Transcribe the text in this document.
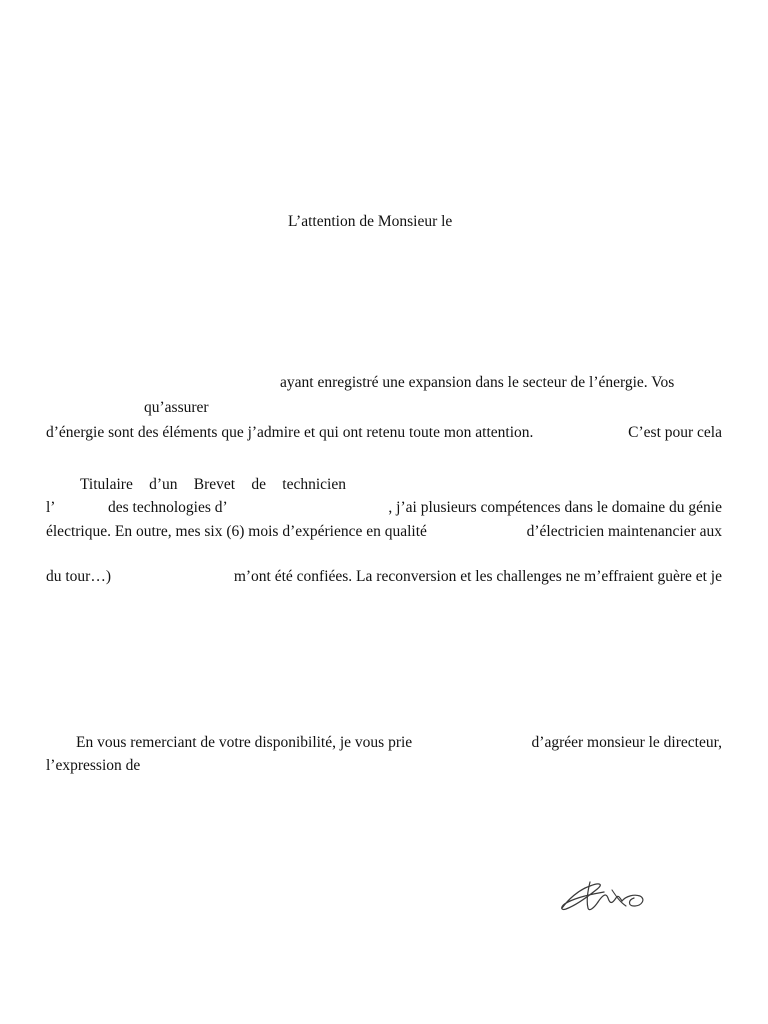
L’attention de Monsieur le
ayant enregistré une expansion dans le secteur de l’énergie. Vos
qu’assurer
d’énergie sont des éléments que j’admire et qui ont retenu toute mon attention.	C’est pour cela
Titulaire d’un Brevet de technicien
l’	des technologies d’	, j’ai plusieurs compétences dans le domaine du génie
électrique. En outre, mes six (6) mois d’expérience en qualité	d’électricien maintenancier aux
du tour…)	m’ont été confiées. La reconversion et les challenges ne m’effraient guère et je
En vous remerciant de votre disponibilité, je vous prie	d’agréer monsieur le directeur,
l’expression de
